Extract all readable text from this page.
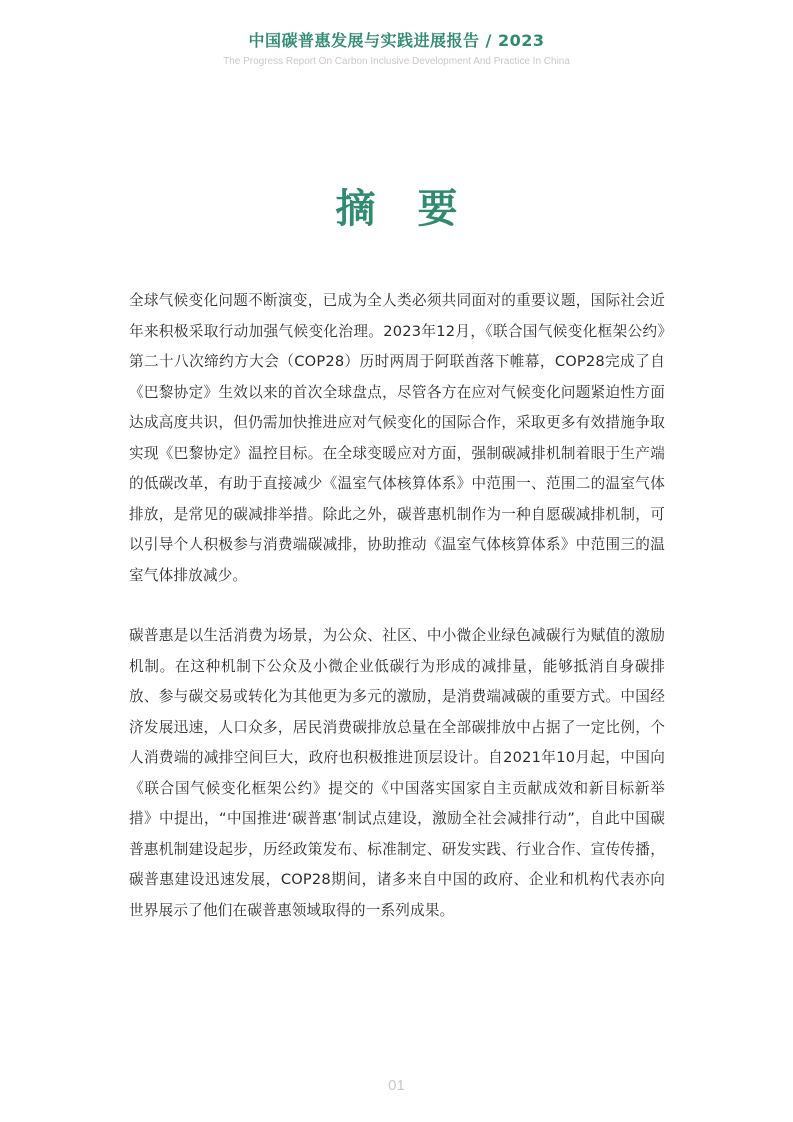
中国碳普惠发展与实践进展报告 / 2023
The Progress Report On Carbon Inclusive Development And Practice In China
摘 要

全球气候变化问题不断演变，已成为全人类必须共同面对的重要议题，国际社会近年来积极采取行动加强气候变化治理。2023年12月，《联合国气候变化框架公约》第二十八次缔约方大会（COP28）历时两周于阿联酋落下帷幕，COP28完成了自《巴黎协定》生效以来的首次全球盘点，尽管各方在应对气候变化问题紧迫性方面达成高度共识，但仍需加快推进应对气候变化的国际合作，采取更多有效措施争取实现《巴黎协定》温控目标。在全球变暖应对方面，强制碳减排机制着眼于生产端的低碳改革，有助于直接减少《温室气体核算体系》中范围一、范围二的温室气体排放，是常见的碳减排举措。除此之外，碳普惠机制作为一种自愿碳减排机制，可以引导个人积极参与消费端碳减排，协助推动《温室气体核算体系》中范围三的温室气体排放减少。

碳普惠是以生活消费为场景，为公众、社区、中小微企业绿色减碳行为赋值的激励机制。在这种机制下公众及小微企业低碳行为形成的减排量，能够抵消自身碳排放、参与碳交易或转化为其他更为多元的激励，是消费端减碳的重要方式。中国经济发展迅速，人口众多，居民消费碳排放总量在全部碳排放中占据了一定比例，个人消费端的减排空间巨大，政府也积极推进顶层设计。自2021年10月起，中国向《联合国气候变化框架公约》提交的《中国落实国家自主贡献成效和新目标新举措》中提出，“中国推进‘碳普惠’制试点建设，激励全社会减排行动”，自此中国碳普惠机制建设起步，历经政策发布、标准制定、研发实践、行业合作、宣传传播，碳普惠建设迅速发展，COP28期间，诸多来自中国的政府、企业和机构代表亦向世界展示了他们在碳普惠领域取得的一系列成果。

01
